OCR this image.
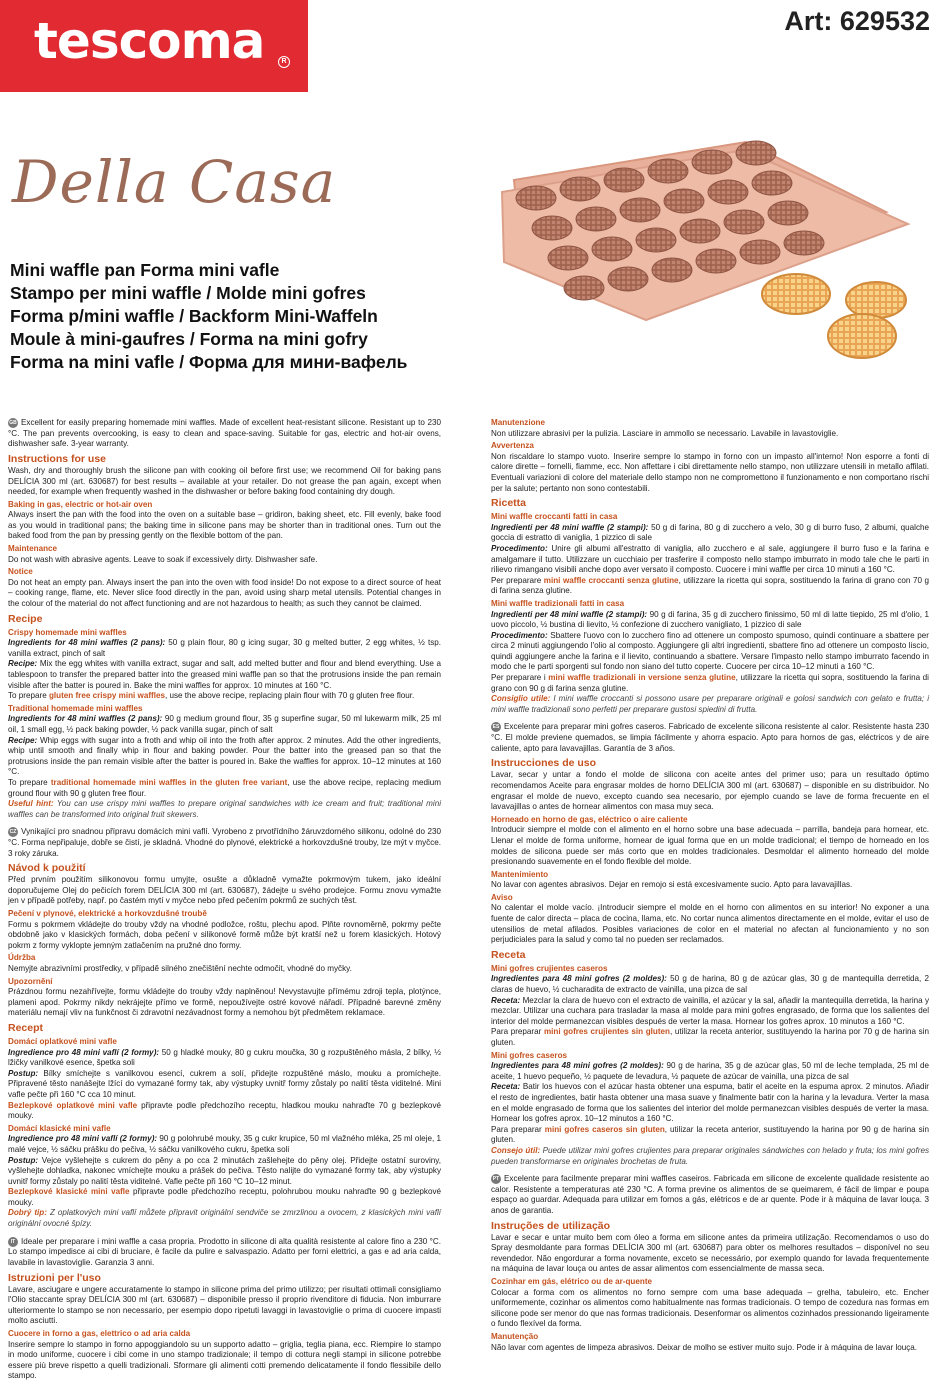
tescoma	R
Art: 629532
Della Casa
Mini waffle pan Forma mini vafle
Stampo per mini waffle / Molde mini gofres
Forma p/mini waffle / Backform Mini-Waffeln
Moule à mini-gaufres / Forma na mini gofry
Forma na mini vafle / Форма для мини-вафель

GB Excellent for easily preparing homemade mini waffles. Made of excellent heat-resistant silicone. Resistant up to 230 °C. The pan prevents overcooking, is easy to clean and space-saving. Suitable for gas, electric and hot-air ovens, dishwasher safe. 3-year warranty.

Instructions for use

Wash, dry and thoroughly brush the silicone pan with cooking oil before first use; we recommend Oil for baking pans DELÍCIA 300 ml (art. 630687) for best results – available at your retailer. Do not grease the pan again, except when needed, for example when frequently washed in the dishwasher or before baking food containing dry dough.

Baking in gas, electric or hot-air oven

Always insert the pan with the food into the oven on a suitable base – gridiron, baking sheet, etc. Fill evenly, bake food as you would in traditional pans; the baking time in silicone pans may be shorter than in traditional ones. Turn out the baked food from the pan by pressing gently on the flexible bottom of the pan.

Maintenance

Do not wash with abrasive agents. Leave to soak if excessively dirty. Dishwasher safe.

Notice

Do not heat an empty pan. Always insert the pan into the oven with food inside! Do not expose to a direct source of heat – cooking range, flame, etc. Never slice food directly in the pan, avoid using sharp metal utensils. Potential changes in the colour of the material do not affect functioning and are not hazardous to health; as such they cannot be claimed.

Recipe
Crispy homemade mini waffles

Ingredients for 48 mini waffles (2 pans): 50 g plain flour, 80 g icing sugar, 30 g melted butter, 2 egg whites, ½ tsp. vanilla extract, pinch of salt

Recipe: Mix the egg whites with vanilla extract, sugar and salt, add melted butter and flour and blend everything. Use a tablespoon to transfer the prepared batter into the greased mini waffle pan so that the protrusions inside the pan remain visible after the batter is poured in. Bake the mini waffles for approx. 10 minutes at 160 °C.

To prepare gluten free crispy mini waffles, use the above recipe, replacing plain flour with 70 g gluten free flour.

Traditional homemade mini waffles

Ingredients for 48 mini waffles (2 pans): 90 g medium ground flour, 35 g superfine sugar, 50 ml lukewarm milk, 25 ml oil, 1 small egg, ½ pack baking powder, ½ pack vanilla sugar, pinch of salt

Recipe: Whip eggs with sugar into a froth and whip oil into the froth after approx. 2 minutes. Add the other ingredients, whip until smooth and finally whip in flour and baking powder. Pour the batter into the greased pan so that the protrusions inside the pan remain visible after the batter is poured in. Bake the waffles for approx. 10–12 minutes at 160 °C.

To prepare traditional homemade mini waffles in the gluten free variant, use the above recipe, replacing medium ground flour with 90 g gluten free flour.

Useful hint: You can use crispy mini waffles to prepare original sandwiches with ice cream and fruit; traditional mini waffles can be transformed into original fruit skewers.

CZ Vynikající pro snadnou přípravu domácích mini vaflí. Vyrobeno z prvotřídního žáruvzdorného silikonu, odolné do 230 °C. Forma nepřipaluje, dobře se čistí, je skladná. Vhodné do plynové, elektrické a horkovzdušné trouby, lze mýt v myčce. 3 roky záruka.

Návod k použití

Před prvním použitím silikonovou formu umyjte, osušte a důkladně vymažte pokrmovým tukem, jako ideální doporučujeme Olej do pečicích forem DELÍCIA 300 ml (art. 630687), žádejte u svého prodejce. Formu znovu vymažte jen v případě potřeby, např. po častém mytí v myčce nebo před pečením pokrmů ze suchých těst.

Pečení v plynové, elektrické a horkovzdušné troubě

Formu s pokrmem vkládejte do trouby vždy na vhodné podložce, roštu, plechu apod. Plňte rovnoměrně, pokrmy pečte obdobně jako v klasických formách, doba pečení v silikonové formě může být kratší než u forem klasických. Hotový pokrm z formy vyklopte jemným zatlačením na pružné dno formy.

Údržba

Nemyjte abrazivními prostředky, v případě silného znečištění nechte odmočit, vhodné do myčky.

Upozornění

Prázdnou formu nezahřívejte, formu vkládejte do trouby vždy naplněnou! Nevystavujte přímému zdroji tepla, plotýnce, plameni apod. Pokrmy nikdy nekrájejte přímo ve formě, nepoužívejte ostré kovové nářadí. Případné barevné změny materiálu nemají vliv na funkčnost či zdravotní nezávadnost formy a nemohou být předmětem reklamace.

Recept
Domácí oplatkové mini vafle

Ingredience pro 48 mini vaflí (2 formy): 50 g hladké mouky, 80 g cukru moučka, 30 g rozpuštěného másla, 2 bílky, ½ lžičky vanilkové esence, špetka soli

Postup: Bílky smíchejte s vanilkovou esencí, cukrem a solí, přidejte rozpuštěné máslo, mouku a promíchejte. Připravené těsto nanášejte lžící do vymazané formy tak, aby výstupky uvnitř formy zůstaly po nalití těsta viditelné. Mini vafle pečte při 160 °C cca 10 minut.

Bezlepkové oplatkové mini vafle připravte podle předchozího receptu, hladkou mouku nahraďte 70 g bezlepkové mouky.

Domácí klasické mini vafle

Ingredience pro 48 mini vaflí (2 formy): 90 g polohrubé mouky, 35 g cukr krupice, 50 ml vlažného mléka, 25 ml oleje, 1 malé vejce, ½ sáčku prášku do pečiva, ½ sáčku vanilkového cukru, špetka soli

Postup: Vejce vyšlehejte s cukrem do pěny a po cca 2 minutách zašlehejte do pěny olej. Přidejte ostatní suroviny, vyšlehejte dohladka, nakonec vmíchejte mouku a prášek do pečiva. Těsto nalijte do vymazané formy tak, aby výstupky uvnitř formy zůstaly po nalití těsta viditelné. Vafle pečte při 160 °C 10–12 minut.

Bezlepkové klasické mini vafle připravte podle předchozího receptu, polohrubou mouku nahraďte 90 g bezlepkové mouky.

Dobrý tip: Z oplatkových mini vaflí můžete připravit originální sendviče se zmrzlinou a ovocem, z klasických mini vaflí originální ovocné špízy.

IT Ideale per preparare i mini waffle a casa propria. Prodotto in silicone di alta qualità resistente al calore fino a 230 °C. Lo stampo impedisce ai cibi di bruciare, è facile da pulire e salvaspazio. Adatto per forni elettrici, a gas e ad aria calda, lavabile in lavastoviglie. Garanzia 3 anni.

Istruzioni per l'uso

Lavare, asciugare e ungere accuratamente lo stampo in silicone prima del primo utilizzo; per risultati ottimali consigliamo l'Olio staccante spray DELÍCIA 300 ml (art. 630687) – disponibile presso il proprio rivenditore di fiducia. Non imburrare ulteriormente lo stampo se non necessario, per esempio dopo ripetuti lavaggi in lavastoviglie o prima di cuocere impasti molto asciutti.

Cuocere in forno a gas, elettrico o ad aria calda

Inserire sempre lo stampo in forno appoggiandolo su un supporto adatto – griglia, teglia piana, ecc. Riempire lo stampo in modo uniforme, cuocere i cibi come in uno stampo tradizionale; il tempo di cottura negli stampi in silicone potrebbe essere più breve rispetto a quelli tradizionali. Sformare gli alimenti cotti premendo delicatamente il fondo flessibile dello stampo.

Manutenzione

Non utilizzare abrasivi per la pulizia. Lasciare in ammollo se necessario. Lavabile in lavastoviglie.

Avvertenza

Non riscaldare lo stampo vuoto. Inserire sempre lo stampo in forno con un impasto all'interno! Non esporre a fonti di calore dirette – fornelli, fiamme, ecc. Non affettare i cibi direttamente nello stampo, non utilizzare utensili in metallo affilati. Eventuali variazioni di colore del materiale dello stampo non ne compromettono il funzionamento e non comportano rischi per la salute; pertanto non sono contestabili.

Ricetta
Mini waffle croccanti fatti in casa

Ingredienti per 48 mini waffle (2 stampi): 50 g di farina, 80 g di zucchero a velo, 30 g di burro fuso, 2 albumi, qualche goccia di estratto di vaniglia, 1 pizzico di sale

Procedimento: Unire gli albumi all'estratto di vaniglia, allo zucchero e al sale, aggiungere il burro fuso e la farina e amalgamare il tutto. Utilizzare un cucchiaio per trasferire il composto nello stampo imburrato in modo tale che le parti in rilievo rimangano visibili anche dopo aver versato il composto. Cuocere i mini waffle per circa 10 minuti a 160 °C.

Per preparare mini waffle croccanti senza glutine, utilizzare la ricetta qui sopra, sostituendo la farina di grano con 70 g di farina senza glutine.

Mini waffle tradizionali fatti in casa

Ingredienti per 48 mini waffle (2 stampi): 90 g di farina, 35 g di zucchero finissimo, 50 ml di latte tiepido, 25 ml d'olio, 1 uovo piccolo, ½ bustina di lievito, ½ confezione di zucchero vanigliato, 1 pizzico di sale

Procedimento: Sbattere l'uovo con lo zucchero fino ad ottenere un composto spumoso, quindi continuare a sbattere per circa 2 minuti aggiungendo l'olio al composto. Aggiungere gli altri ingredienti, sbattere fino ad ottenere un composto liscio, quindi aggiungere anche la farina e il lievito, continuando a sbattere. Versare l'impasto nello stampo imburrato facendo in modo che le parti sporgenti sul fondo non siano del tutto coperte. Cuocere per circa 10–12 minuti a 160 °C.

Per preparare i mini waffle tradizionali in versione senza glutine, utilizzare la ricetta qui sopra, sostituendo la farina di grano con 90 g di farina senza glutine.

Consiglio utile: I mini waffle croccanti si possono usare per preparare originali e golosi sandwich con gelato e frutta; i mini waffle tradizionali sono perfetti per preparare gustosi spiedini di frutta.

ES Excelente para preparar mini gofres caseros. Fabricado de excelente silicona resistente al calor. Resistente hasta 230 °C. El molde previene quemados, se limpia fácilmente y ahorra espacio. Apto para hornos de gas, eléctricos y de aire caliente, apto para lavavajillas. Garantía de 3 años.

Instrucciones de uso

Lavar, secar y untar a fondo el molde de silicona con aceite antes del primer uso; para un resultado óptimo recomendamos Aceite para engrasar moldes de horno DELÍCIA 300 ml (art. 630687) – disponible en su distribuidor. No engrasar el molde de nuevo, excepto cuando sea necesario, por ejemplo cuando se lave de forma frecuente en el lavavajillas o antes de hornear alimentos con masa muy seca.

Horneado en horno de gas, eléctrico o aire caliente

Introducir siempre el molde con el alimento en el horno sobre una base adecuada – parrilla, bandeja para hornear, etc. Llenar el molde de forma uniforme, hornear de igual forma que en un molde tradicional; el tiempo de horneado en los moldes de silicona puede ser más corto que en moldes tradicionales. Desmoldar el alimento horneado del molde presionando suavemente en el fondo flexible del molde.

Mantenimiento

No lavar con agentes abrasivos. Dejar en remojo si está excesivamente sucio. Apto para lavavajillas.

Aviso

No calentar el molde vacío. ¡Introducir siempre el molde en el horno con alimentos en su interior! No exponer a una fuente de calor directa – placa de cocina, llama, etc. No cortar nunca alimentos directamente en el molde, evitar el uso de utensilios de metal afilados. Posibles variaciones de color en el material no afectan al funcionamiento y no son perjudiciales para la salud y como tal no pueden ser reclamados.

Receta
Mini gofres crujientes caseros

Ingredientes para 48 mini gofres (2 moldes): 50 g de harina, 80 g de azúcar glas, 30 g de mantequilla derretida, 2 claras de huevo, ½ cucharadita de extracto de vainilla, una pizca de sal

Receta: Mezclar la clara de huevo con el extracto de vainilla, el azúcar y la sal, añadir la mantequilla derretida, la harina y mezclar. Utilizar una cuchara para trasladar la masa al molde para mini gofres engrasado, de forma que los salientes del interior del molde permanezcan visibles después de verter la masa. Hornear los gofres aprox. 10 minutos a 160 °C.

Para preparar mini gofres crujientes sin gluten, utilizar la receta anterior, sustituyendo la harina por 70 g de harina sin gluten.

Mini gofres caseros

Ingredientes para 48 mini gofres (2 moldes): 90 g de harina, 35 g de azúcar glas, 50 ml de leche templada, 25 ml de aceite, 1 huevo pequeño, ½ paquete de levadura, ½ paquete de azúcar de vainilla, una pizca de sal

Receta: Batir los huevos con el azúcar hasta obtener una espuma, batir el aceite en la espuma aprox. 2 minutos. Añadir el resto de ingredientes, batir hasta obtener una masa suave y finalmente batir con la harina y la levadura. Verter la masa en el molde engrasado de forma que los salientes del interior del molde permanezcan visibles después de verter la masa. Hornear los gofres aprox. 10–12 minutos a 160 °C.

Para preparar mini gofres caseros sin gluten, utilizar la receta anterior, sustituyendo la harina por 90 g de harina sin gluten.

Consejo útil: Puede utilizar mini gofres crujientes para preparar originales sándwiches con helado y fruta; los mini gofres pueden transformarse en originales brochetas de fruta.

PT Excelente para facilmente preparar mini waffles caseiros. Fabricada em silicone de excelente qualidade resistente ao calor. Resistente a temperaturas até 230 °C. A forma previne os alimentos de se queimarem, é fácil de limpar e poupa espaço ao guardar. Adequada para utilizar em fornos a gás, elétricos e de ar quente. Pode ir à máquina de lavar louça. 3 anos de garantia.

Instruções de utilização

Lavar e secar e untar muito bem com óleo a forma em silicone antes da primeira utilização. Recomendamos o uso do Spray desmoldante para formas DELÍCIA 300 ml (art. 630687) para obter os melhores resultados – disponível no seu revendedor. Não engordurar a forma novamente, exceto se necessário, por exemplo quando for lavada frequentemente na máquina de lavar louça ou antes de assar alimentos com essencialmente de massa seca.

Cozinhar em gás, elétrico ou de ar-quente

Colocar a forma com os alimentos no forno sempre com uma base adequada – grelha, tabuleiro, etc. Encher uniformemente, cozinhar os alimentos como habitualmente nas formas tradicionais. O tempo de cozedura nas formas em silicone pode ser menor do que nas formas tradicionais. Desenformar os alimentos cozinhados pressionando ligeiramente o fundo flexível da forma.

Manutenção

Não lavar com agentes de limpeza abrasivos. Deixar de molho se estiver muito sujo. Pode ir à máquina de lavar louça.
